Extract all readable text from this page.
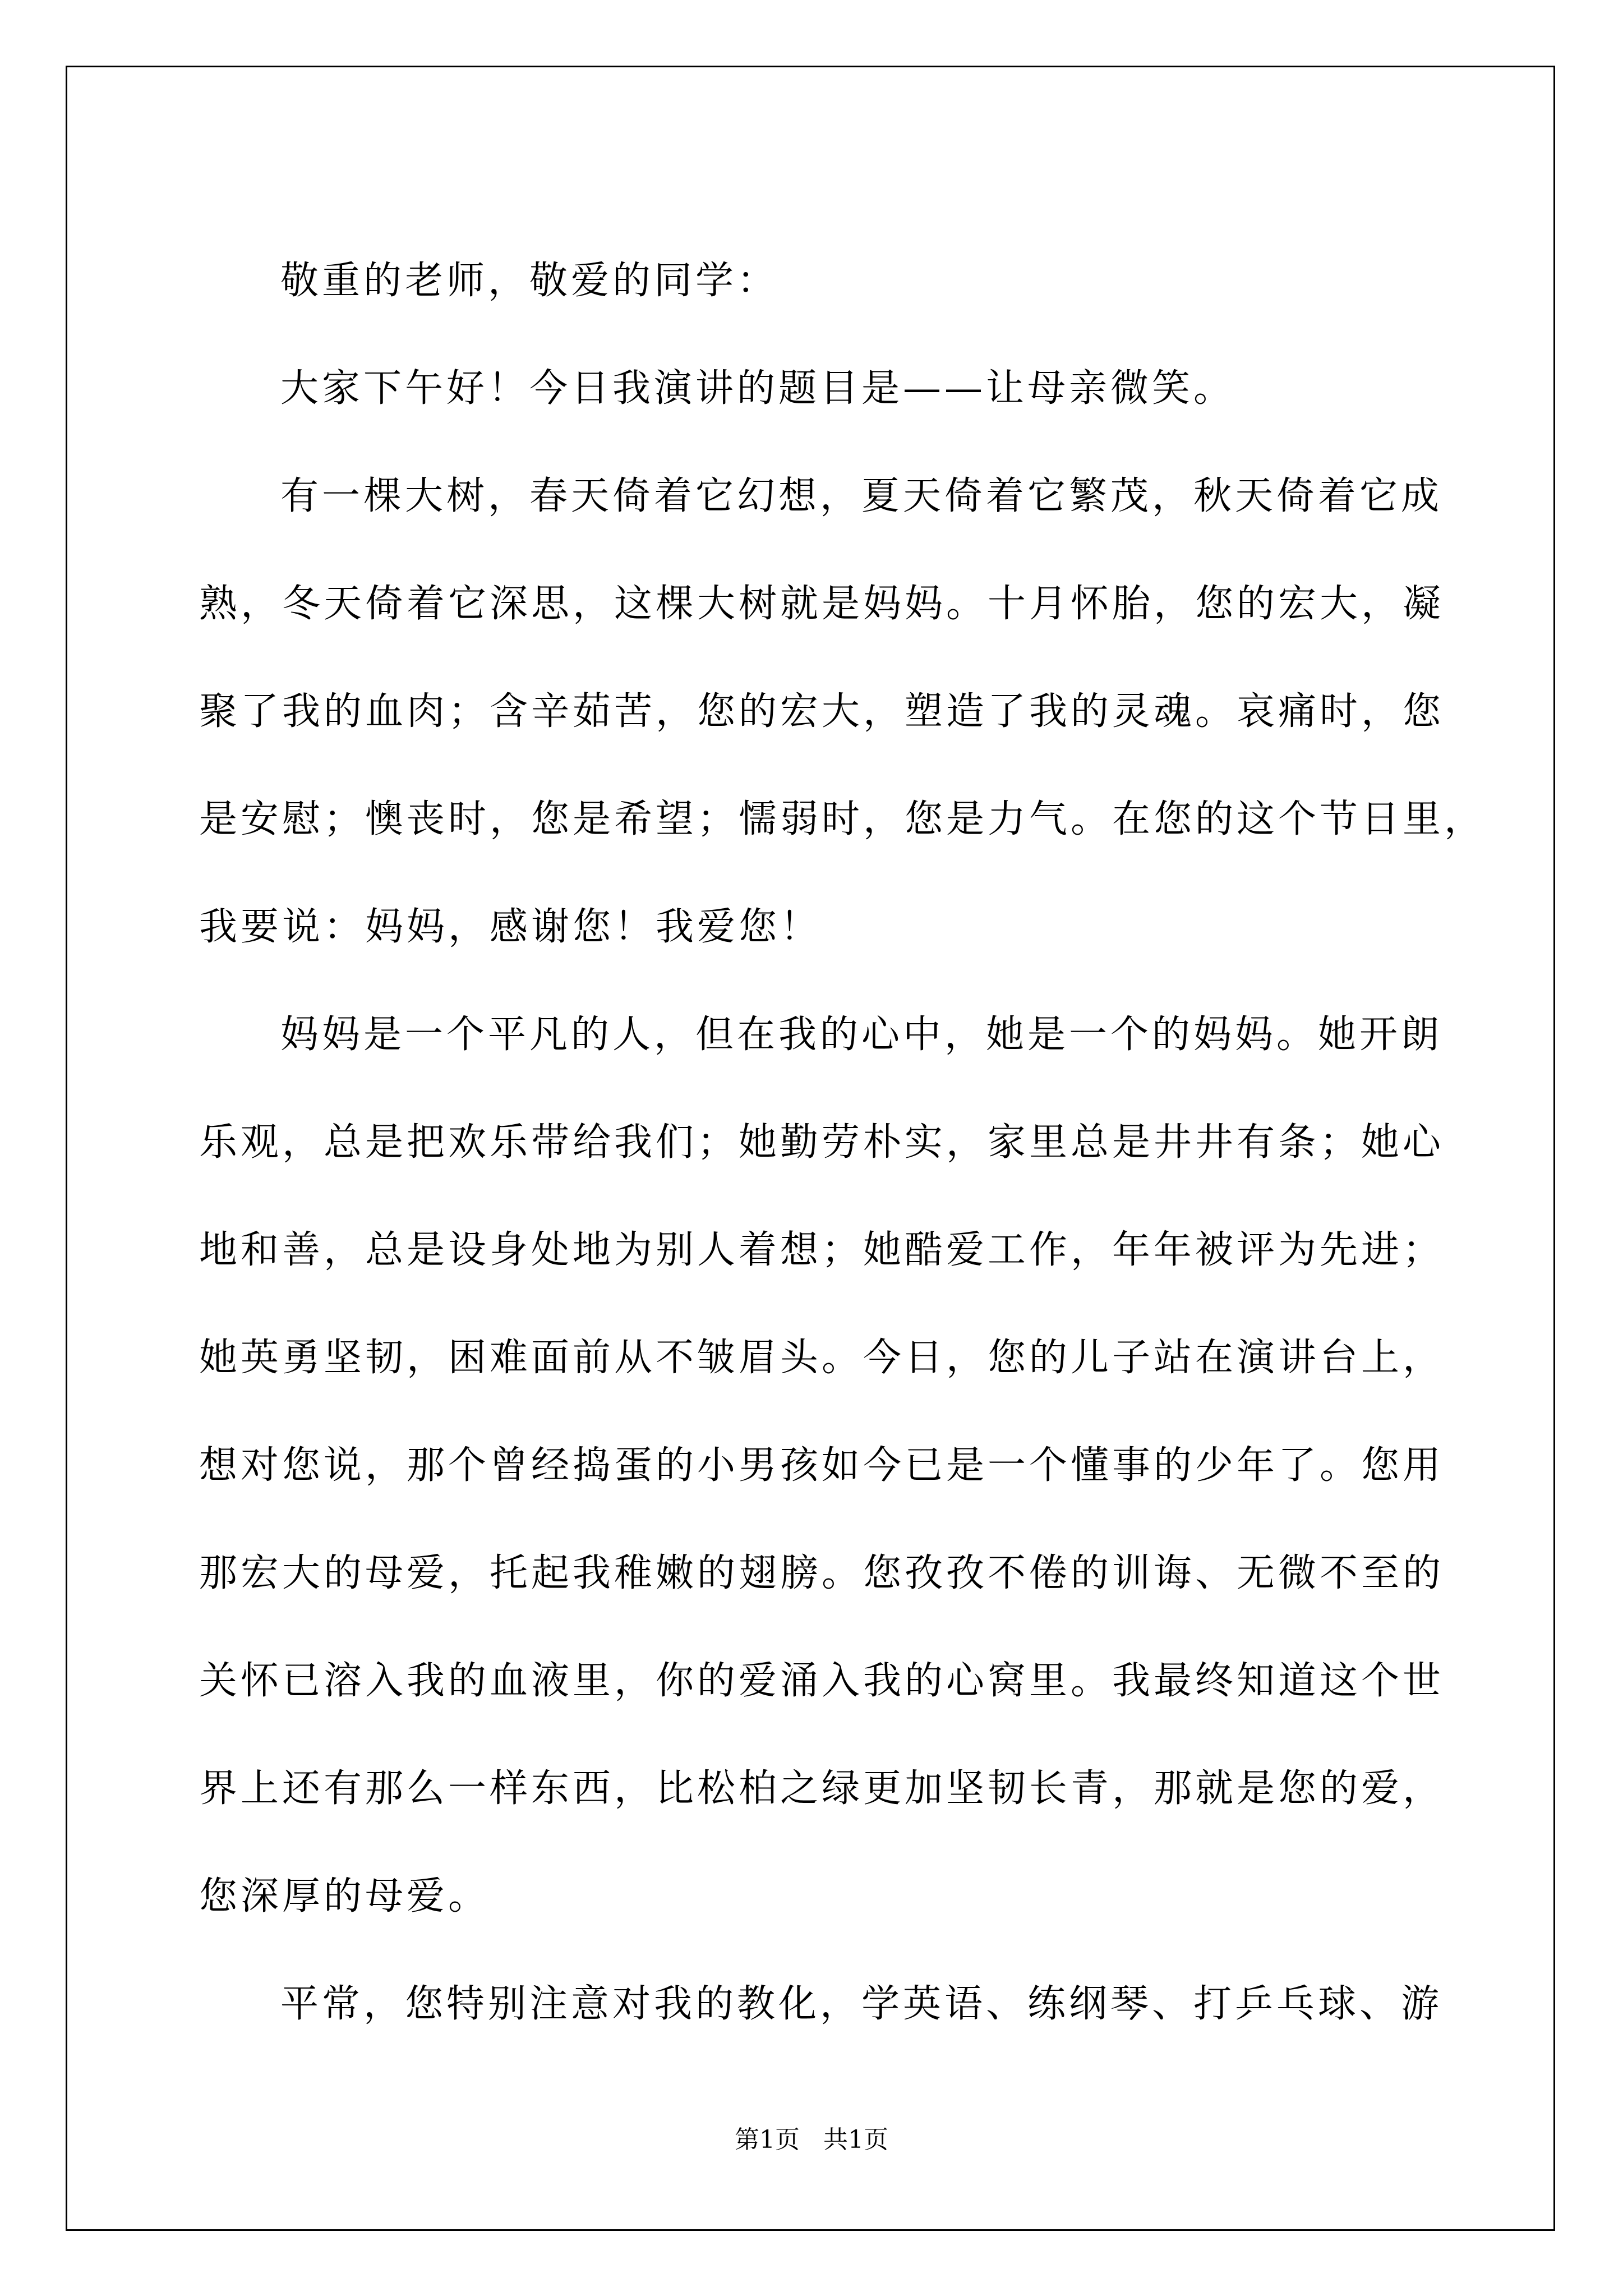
敬重的老师，敬爱的同学：
大家下午好！今日我演讲的题目是——让母亲微笑。
有一棵大树，春天倚着它幻想，夏天倚着它繁茂，秋天倚着它成
熟，冬天倚着它深思，这棵大树就是妈妈。十月怀胎，您的宏大，凝
聚了我的血肉；含辛茹苦，您的宏大，塑造了我的灵魂。哀痛时，您
是安慰；懊丧时，您是希望；懦弱时，您是力气。在您的这个节日里，
我要说：妈妈，感谢您！我爱您！
妈妈是一个平凡的人，但在我的心中，她是一个的妈妈。她开朗
乐观，总是把欢乐带给我们；她勤劳朴实，家里总是井井有条；她心
地和善，总是设身处地为别人着想；她酷爱工作，年年被评为先进；
她英勇坚韧，困难面前从不皱眉头。今日，您的儿子站在演讲台上，
想对您说，那个曾经捣蛋的小男孩如今已是一个懂事的少年了。您用
那宏大的母爱，托起我稚嫩的翅膀。您孜孜不倦的训诲、无微不至的
关怀已溶入我的血液里，你的爱涌入我的心窝里。我最终知道这个世
界上还有那么一样东西，比松柏之绿更加坚韧长青，那就是您的爱，
您深厚的母爱。
平常，您特别注意对我的教化，学英语、练纲琴、打乒乓球、游
第1页 共1页
